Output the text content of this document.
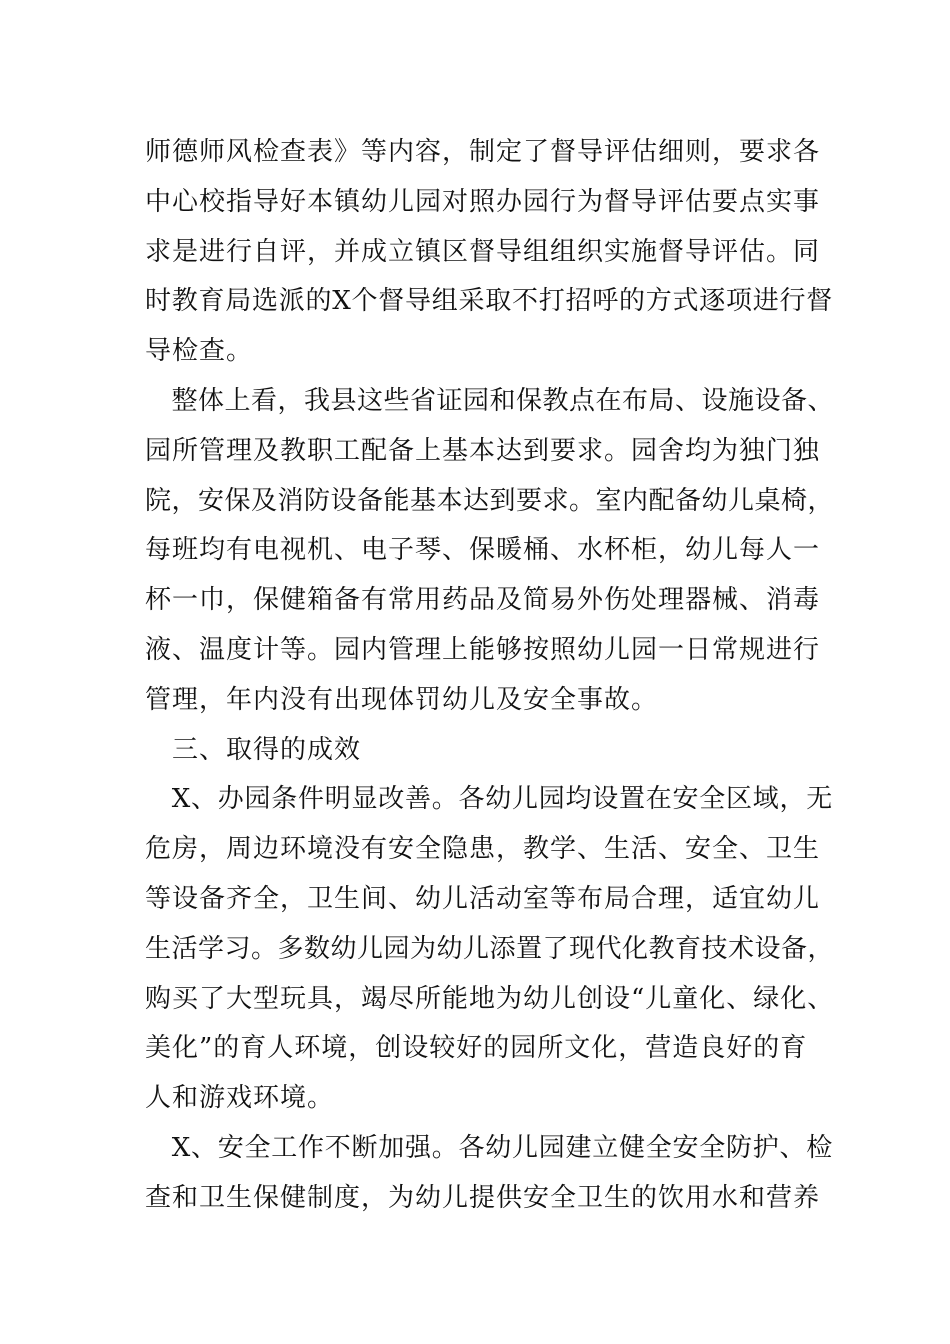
师德师风检查表》等内容，制定了督导评估细则，要求各
中心校指导好本镇幼儿园对照办园行为督导评估要点实事
求是进行自评，并成立镇区督导组组织实施督导评估。同
时教育局选派的X个督导组采取不打招呼的方式逐项进行督
导检查。
　整体上看，我县这些省证园和保教点在布局、设施设备、
园所管理及教职工配备上基本达到要求。园舍均为独门独
院，安保及消防设备能基本达到要求。室内配备幼儿桌椅，
每班均有电视机、电子琴、保暖桶、水杯柜，幼儿每人一
杯一巾，保健箱备有常用药品及简易外伤处理器械、消毒
液、温度计等。园内管理上能够按照幼儿园一日常规进行
管理，年内没有出现体罚幼儿及安全事故。
　三、取得的成效
　X、办园条件明显改善。各幼儿园均设置在安全区域，无
危房，周边环境没有安全隐患，教学、生活、安全、卫生
等设备齐全，卫生间、幼儿活动室等布局合理，适宜幼儿
生活学习。多数幼儿园为幼儿添置了现代化教育技术设备，
购买了大型玩具，竭尽所能地为幼儿创设“儿童化、绿化、
美化”的育人环境，创设较好的园所文化，营造良好的育
人和游戏环境。
　X、安全工作不断加强。各幼儿园建立健全安全防护、检
查和卫生保健制度，为幼儿提供安全卫生的饮用水和营养
